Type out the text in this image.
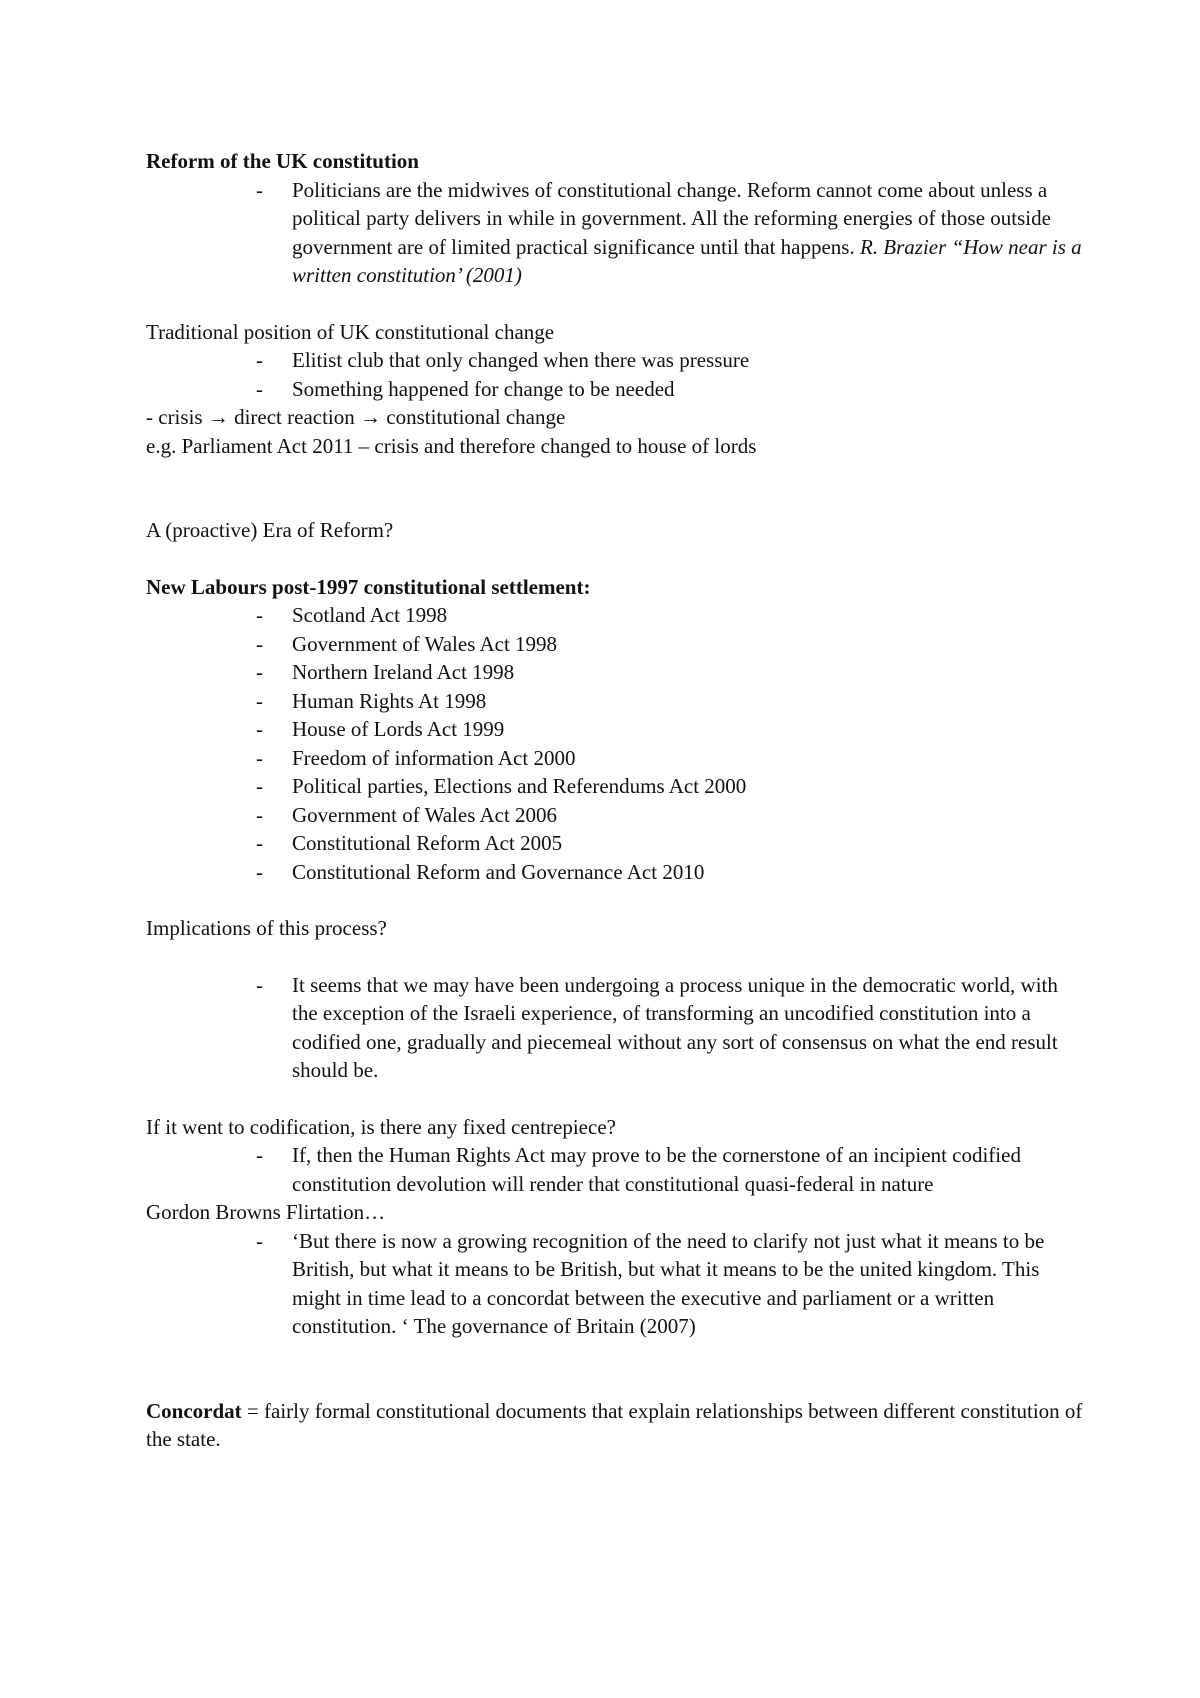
Reform of the UK constitution

- Politicians are the midwives of constitutional change. Reform cannot come about unless a political party delivers in while in government. All the reforming energies of those outside government are of limited practical significance until that happens. R. Brazier “How near is a written constitution’ (2001)

Traditional position of UK constitutional change

- Elitist club that only changed when there was pressure
- Something happened for change to be needed

- crisis → direct reaction → constitutional change

e.g. Parliament Act 2011 – crisis and therefore changed to house of lords

A (proactive) Era of Reform?

New Labours post-1997 constitutional settlement:

- Scotland Act 1998
- Government of Wales Act 1998
- Northern Ireland Act 1998
- Human Rights At 1998
- House of Lords Act 1999
- Freedom of information Act 2000
- Political parties, Elections and Referendums Act 2000
- Government of Wales Act 2006
- Constitutional Reform Act 2005
- Constitutional Reform and Governance Act 2010

Implications of this process?

- It seems that we may have been undergoing a process unique in the democratic world, with the exception of the Israeli experience, of transforming an uncodified constitution into a codified one, gradually and piecemeal without any sort of consensus on what the end result should be.

If it went to codification, is there any fixed centrepiece?

- If, then the Human Rights Act may prove to be the cornerstone of an incipient codified constitution devolution will render that constitutional quasi-federal in nature

Gordon Browns Flirtation…

- ‘But there is now a growing recognition of the need to clarify not just what it means to be British, but what it means to be British, but what it means to be the united kingdom. This might in time lead to a concordat between the executive and parliament or a written constitution. ‘ The governance of Britain (2007)

Concordat = fairly formal constitutional documents that explain relationships between different constitution of the state.
